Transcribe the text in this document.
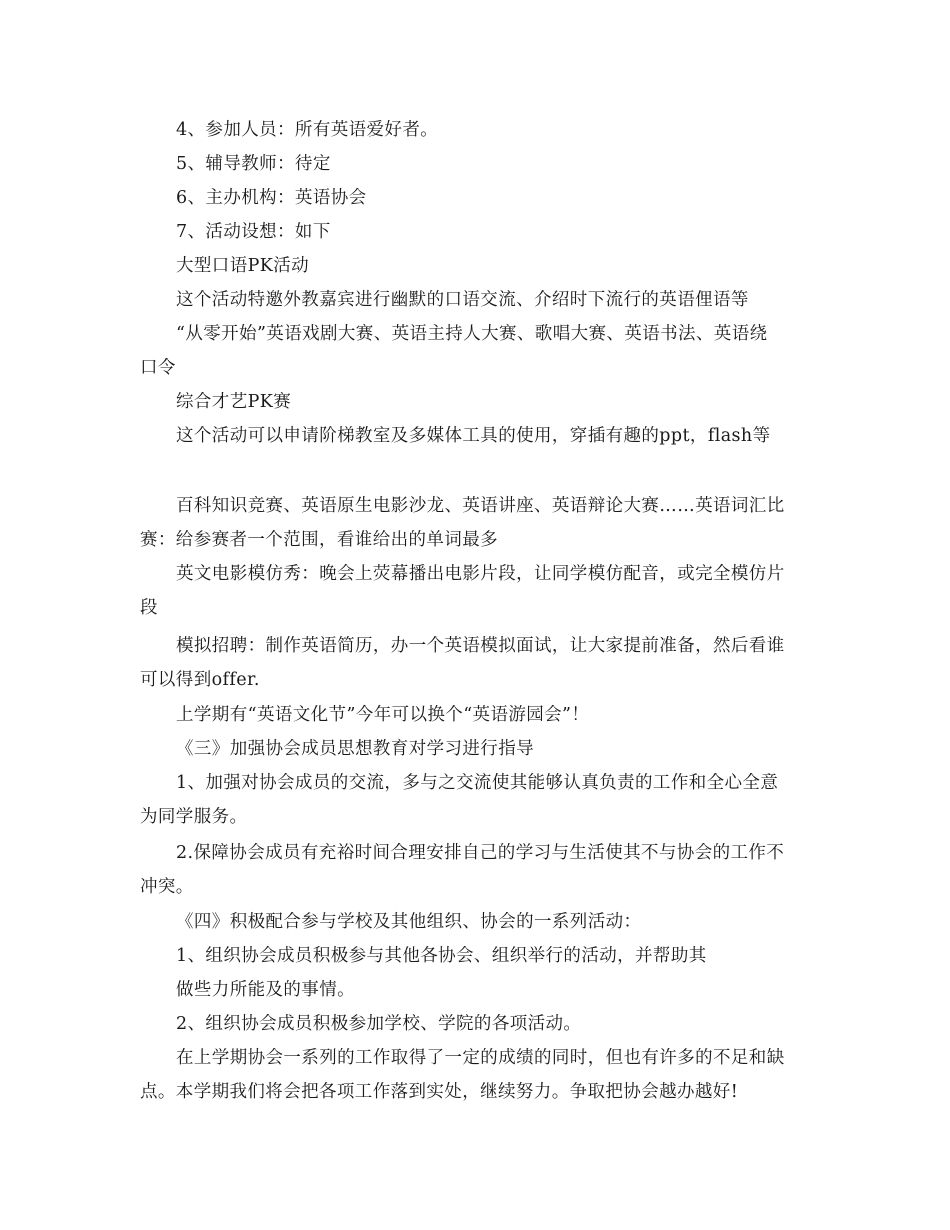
4、参加人员：所有英语爱好者。
5、辅导教师：待定
6、主办机构：英语协会
7、活动设想：如下
大型口语PK活动
这个活动特邀外教嘉宾进行幽默的口语交流、介绍时下流行的英语俚语等
“从零开始”英语戏剧大赛、英语主持人大赛、歌唱大赛、英语书法、英语绕
口令
综合才艺PK赛
这个活动可以申请阶梯教室及多媒体工具的使用，穿插有趣的ppt，flash等
百科知识竞赛、英语原生电影沙龙、英语讲座、英语辩论大赛……英语词汇比
赛：给参赛者一个范围，看谁给出的单词最多
英文电影模仿秀：晚会上荧幕播出电影片段，让同学模仿配音，或完全模仿片
段
模拟招聘：制作英语简历，办一个英语模拟面试，让大家提前准备，然后看谁
可以得到offer.
上学期有“英语文化节”今年可以换个“英语游园会”！
《三》加强协会成员思想教育对学习进行指导
1、加强对协会成员的交流，多与之交流使其能够认真负责的工作和全心全意
为同学服务。
2.保障协会成员有充裕时间合理安排自己的学习与生活使其不与协会的工作不
冲突。
《四》积极配合参与学校及其他组织、协会的一系列活动：
1、组织协会成员积极参与其他各协会、组织举行的活动，并帮助其
做些力所能及的事情。
2、组织协会成员积极参加学校、学院的各项活动。
在上学期协会一系列的工作取得了一定的成绩的同时，但也有许多的不足和缺
点。本学期我们将会把各项工作落到实处，继续努力。争取把协会越办越好!
